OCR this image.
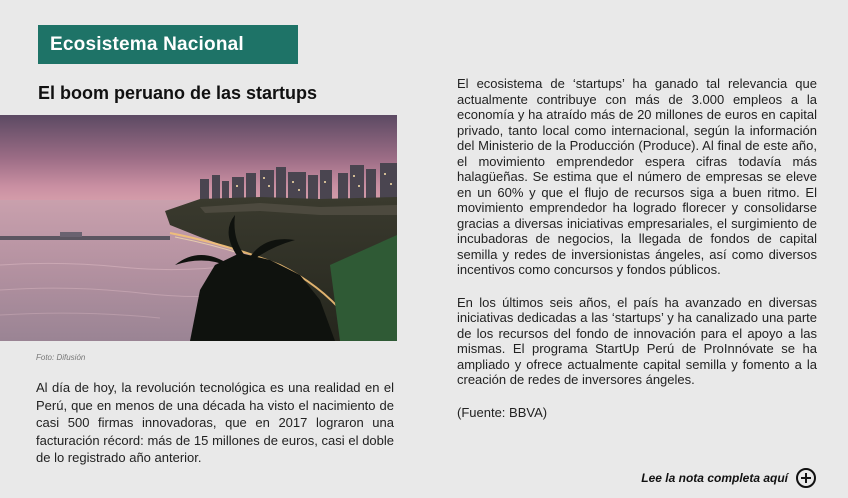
Ecosistema Nacional
El boom peruano de las startups
Foto: Difusión

Al día de hoy, la revolución tecnológica es una realidad en el Perú, que en menos de una década ha visto el nacimiento de casi 500 firmas innovadoras, que en 2017 lograron una facturación récord: más de 15 millones de euros, casi el doble de lo registrado año anterior.

El ecosistema de ‘startups’ ha ganado tal relevancia que actualmente contribuye con más de 3.000 empleos a la economía y ha atraído más de 20 millones de euros en capital privado, tanto local como internacional, según la información del Ministerio de la Producción (Produce). Al final de este año, el movimiento emprendedor espera cifras todavía más halagüeñas. Se estima que el número de empresas se eleve en un 60% y que el flujo de recursos siga a buen ritmo. El movimiento emprendedor ha logrado florecer y consolidarse gracias a diversas iniciativas empresariales, el surgimiento de incubadoras de negocios, la llegada de fondos de capital semilla y redes de inversionistas ángeles, así como diversos incentivos como concursos y fondos públicos.

En los últimos seis años, el país ha avanzado en diversas iniciativas dedicadas a las ‘startups’ y ha canalizado una parte de los recursos del fondo de innovación para el apoyo a las mismas. El programa StartUp Perú de ProInnóvate se ha ampliado y ofrece actualmente capital semilla y fomento a la creación de redes de inversores ángeles.

(Fuente: BBVA)

Lee la nota completa aquí
